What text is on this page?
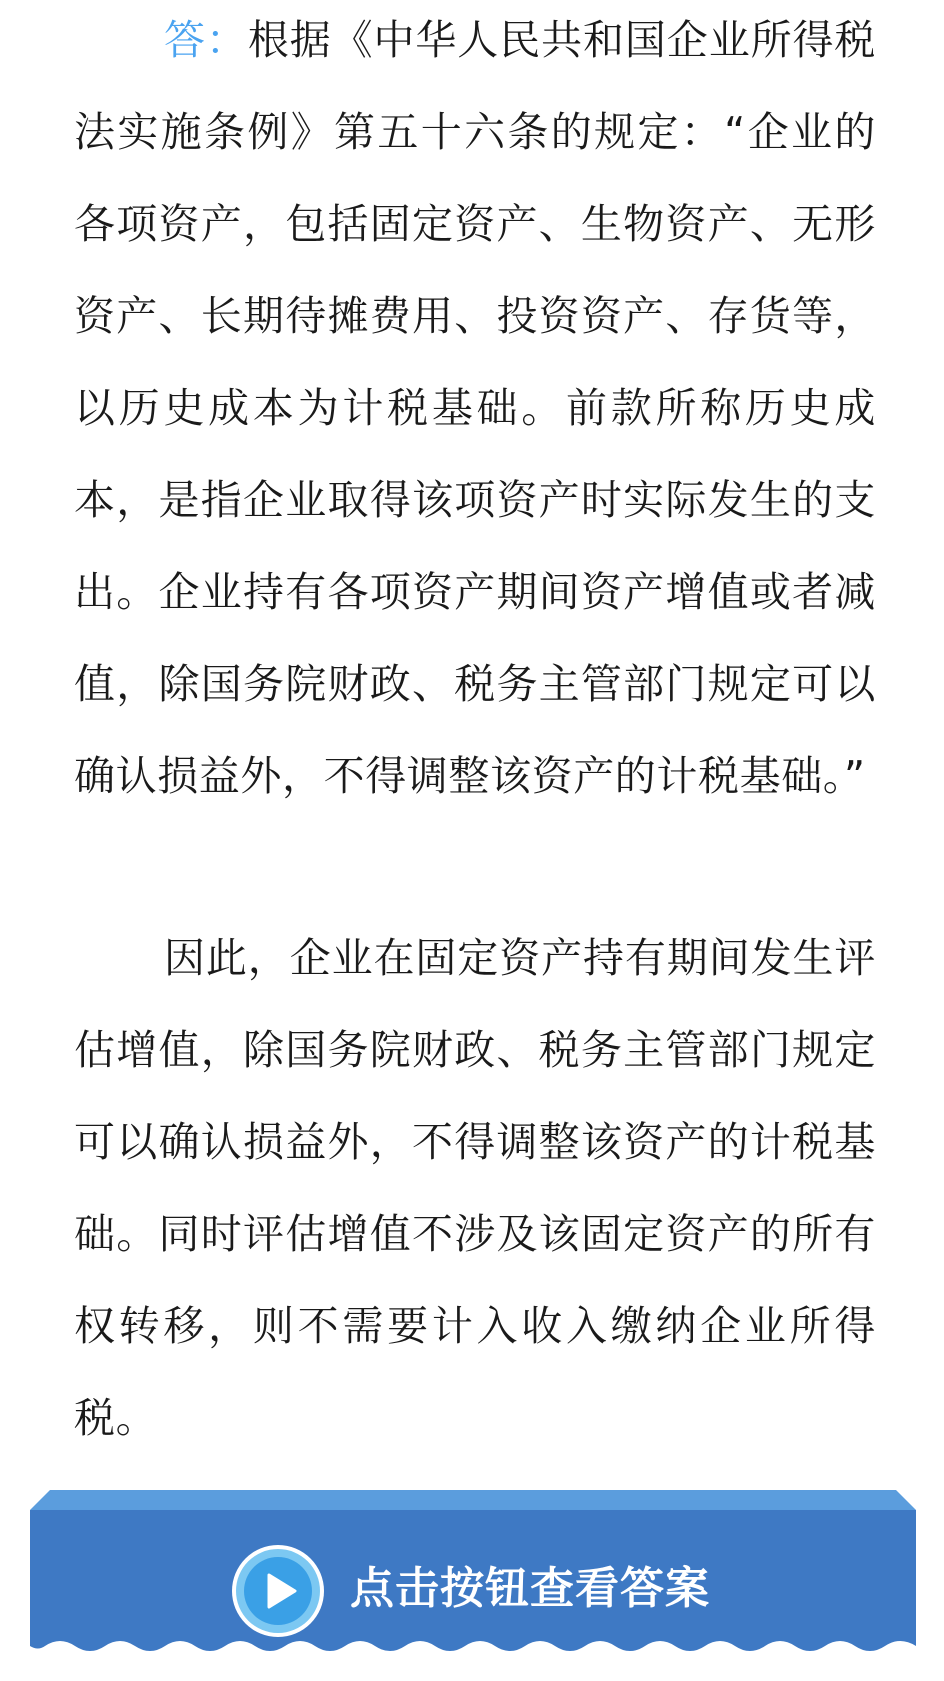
答：根据《中华人民共和国企业所得税法实施条例》第五十六条的规定：“企业的各项资产，包括固定资产、生物资产、无形资产、长期待摊费用、投资资产、存货等，以历史成本为计税基础。前款所称历史成本，是指企业取得该项资产时实际发生的支出。企业持有各项资产期间资产增值或者减值，除国务院财政、税务主管部门规定可以确认损益外，不得调整该资产的计税基础。”

因此，企业在固定资产持有期间发生评估增值，除国务院财政、税务主管部门规定可以确认损益外，不得调整该资产的计税基础。同时评估增值不涉及该固定资产的所有权转移，则不需要计入收入缴纳企业所得税。

点击按钮查看答案
